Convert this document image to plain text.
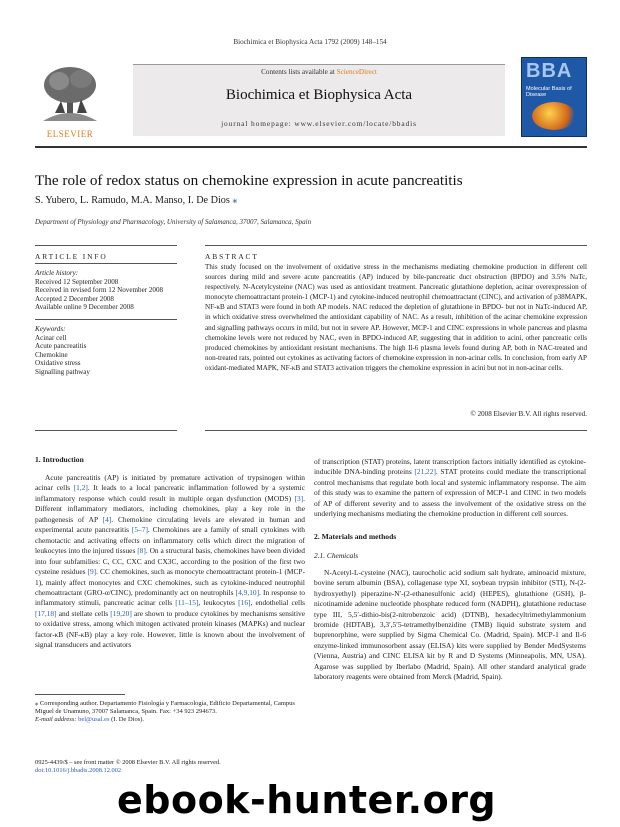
Biochimica et Biophysica Acta 1792 (2009) 148–154
ELSEVIER
Contents lists available at ScienceDirect
Biochimica et Biophysica Acta
journal homepage: www.elsevier.com/locate/bbadis
BBA
Molecular Basis of Disease
The role of redox status on chemokine expression in acute pancreatitis
S. Yubero, L. Ramudo, M.A. Manso, I. De Dios ⁎
Department of Physiology and Pharmacology, University of Salamanca, 37007, Salamanca, Spain
ARTICLE INFO
Article history:
Received 12 September 2008
Received in revised form 12 November 2008
Accepted 2 December 2008
Available online 9 December 2008
Keywords:
Acinar cell
Acute pancreatitis
Chemokine
Oxidative stress
Signalling pathway
ABSTRACT
This study focused on the involvement of oxidative stress in the mechanisms mediating chemokine production in different cell sources during mild and severe acute pancreatitis (AP) induced by bile-pancreatic duct obstruction (BPDO) and 3.5% NaTc, respectively. N-Acetylcysteine (NAC) was used as antioxidant treatment. Pancreatic glutathione depletion, acinar overexpression of monocyte chemoattractant protein-1 (MCP-1) and cytokine-induced neutrophil chemoattractant (CINC), and activation of p38MAPK, NF-κB and STAT3 were found in both AP models. NAC reduced the depletion of glutathione in BPDO- but not in NaTc-induced AP, in which oxidative stress overwhelmed the antioxidant capability of NAC. As a result, inhibition of the acinar chemokine expression and signalling pathways occurs in mild, but not in severe AP. However, MCP-1 and CINC expressions in whole pancreas and plasma chemokine levels were not reduced by NAC, even in BPDO-induced AP, suggesting that in addition to acini, other pancreatic cells produced chemokines by antioxidant resistant mechanisms. The high Il-6 plasma levels found during AP, both in NAC-treated and non-treated rats, pointed out cytokines as activating factors of chemokine expression in non-acinar cells. In conclusion, from early AP oxidant-mediated MAPK, NF-κB and STAT3 activation triggers the chemokine expression in acini but not in non-acinar cells.
© 2008 Elsevier B.V. All rights reserved.
1. Introduction
Acute pancreatitis (AP) is initiated by premature activation of trypsinogen within acinar cells [1,2]. It leads to a local pancreatic inflammation followed by a systemic inflammatory response which could result in multiple organ dysfunction (MODS) [3]. Different inflammatory mediators, including chemokines, play a key role in the pathogenesis of AP [4]. Chemokine circulating levels are elevated in human and experimental acute pancreatitis [5–7]. Chemokines are a family of small cytokines with chemotactic and activating effects on inflammatory cells which direct the migration of leukocytes into the injured tissues [8]. On a structural basis, chemokines have been divided into four subfamilies: C, CC, CXC and CX3C, according to the position of the first two cysteine residues [9]. CC chemokines, such as monocyte chemoattractant protein-1 (MCP-1), mainly affect monocytes and CXC chemokines, such as cytokine-induced neutrophil chemoattractant (GRO-α/CINC), predominantly act on neutrophils [4,9,10]. In response to inflammatory stimuli, pancreatic acinar cells [11–15], leukocytes [16], endothelial cells [17,18] and stellate cells [19,20] are shown to produce cytokines by mechanisms sensitive to oxidative stress, among which mitogen activated protein kinases (MAPKs) and nuclear factor-κB (NF-κB) play a key role. However, little is known about the involvement of signal transducers and activators
of transcription (STAT) proteins, latent transcription factors initially identified as cytokine-inducible DNA-binding proteins [21,22]. STAT proteins could mediate the transcriptional control mechanisms that regulate both local and systemic inflammatory response. The aim of this study was to examine the pattern of expression of MCP-1 and CINC in two models of AP of different severity and to assess the involvement of the oxidative stress on the underlying mechanisms mediating the chemokine production in different cell sources.
2. Materials and methods
2.1. Chemicals
N-Acetyl-L-cysteine (NAC), taurocholic acid sodium salt hydrate, aminoacid mixture, bovine serum albumin (BSA), collagenase type XI, soybean trypsin inhibitor (STI), N-(2-hydroxyethyl) piperazine-N′-(2-ethanesulfonic acid) (HEPES), glutathione (GSH), β-nicotinamide adenine nucleotide phosphate reduced form (NADPH), glutathione reductase type III, 5,5′-dithio-bis(2-nitrobenzoic acid) (DTNB), hexadecyltrimethylammonium bromide (HDTAB), 3,3′,5′5-tetramethylbenzidine (TMB) liquid substrate system and buprenorphine, were supplied by Sigma Chemical Co. (Madrid, Spain). MCP-1 and Il-6 enzyme-linked immunosorbent assay (ELISA) kits were supplied by Bender MedSystems (Vienna, Austria) and CINC ELISA kit by R and D Systems (Minneapolis, MN, USA). Agarose was supplied by Iberlabo (Madrid, Spain). All other standard analytical grade laboratory reagents were obtained from Merck (Madrid, Spain).
⁎ Corresponding author. Departamento Fisiología y Farmacología, Edificio Departamental, Campus Miguel de Unamuno, 37007 Salamanca, Spain. Fax: +34 923 294673.
E-mail address: bel@usal.es (I. De Dios).
0925-4439/$ – see front matter © 2008 Elsevier B.V. All rights reserved.
doi:10.1016/j.bbadis.2008.12.002
ebook-hunter.org
